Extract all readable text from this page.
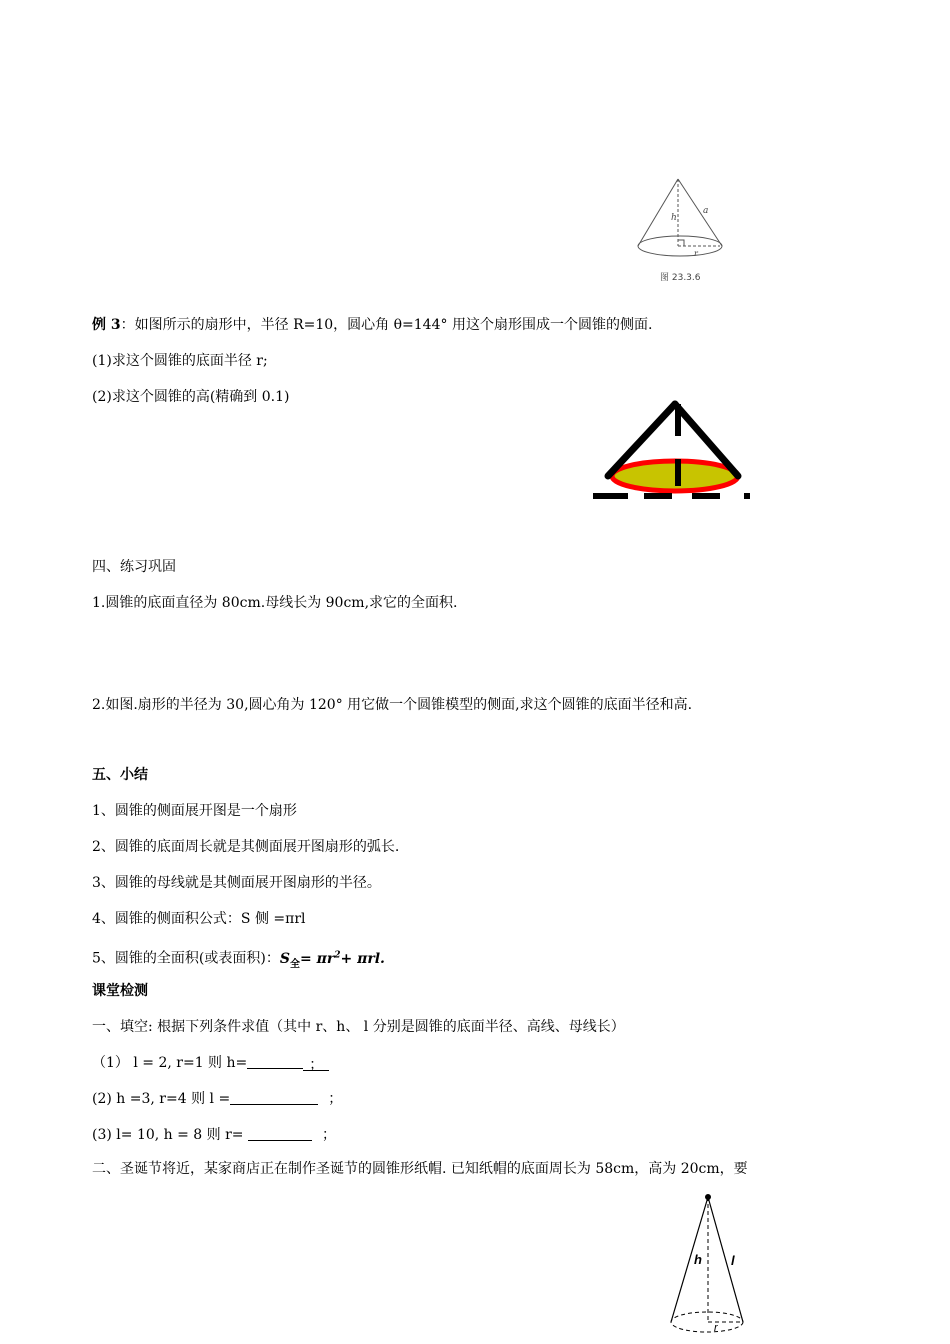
h
a
r
图 23.3.6
例 3：如图所示的扇形中，半径 R=10，圆心角 θ=144° 用这个扇形围成一个圆锥的侧面.
(1)求这个圆锥的底面半径 r;
(2)求这个圆锥的高(精确到 0.1)
四、练习巩固
1.圆锥的底面直径为 80cm.母线长为 90cm,求它的全面积.
2.如图.扇形的半径为 30,圆心角为 120° 用它做一个圆锥模型的侧面,求这个圆锥的底面半径和高.
五、小结
1、圆锥的侧面展开图是一个扇形
2、圆锥的底面周长就是其侧面展开图扇形的弧长.
3、圆锥的母线就是其侧面展开图扇形的半径。
4、圆锥的侧面积公式：S 侧 =πrl
5、圆锥的全面积(或表面积)：$S_全= \pi r^2+ \pi rl$.
课堂检测
一、填空: 根据下列条件求值（其中 r、h、 l 分别是圆锥的底面半径、高线、母线长）
（1） l = 2, r=1 则 h=	；
(2) h =3, r=4 则 l =	；
(3) l= 10, h = 8 则 r=	；
二、圣诞节将近，某家商店正在制作圣诞节的圆锥形纸帽. 已知纸帽的底面周长为 58cm，高为 20cm，要
h l
r
